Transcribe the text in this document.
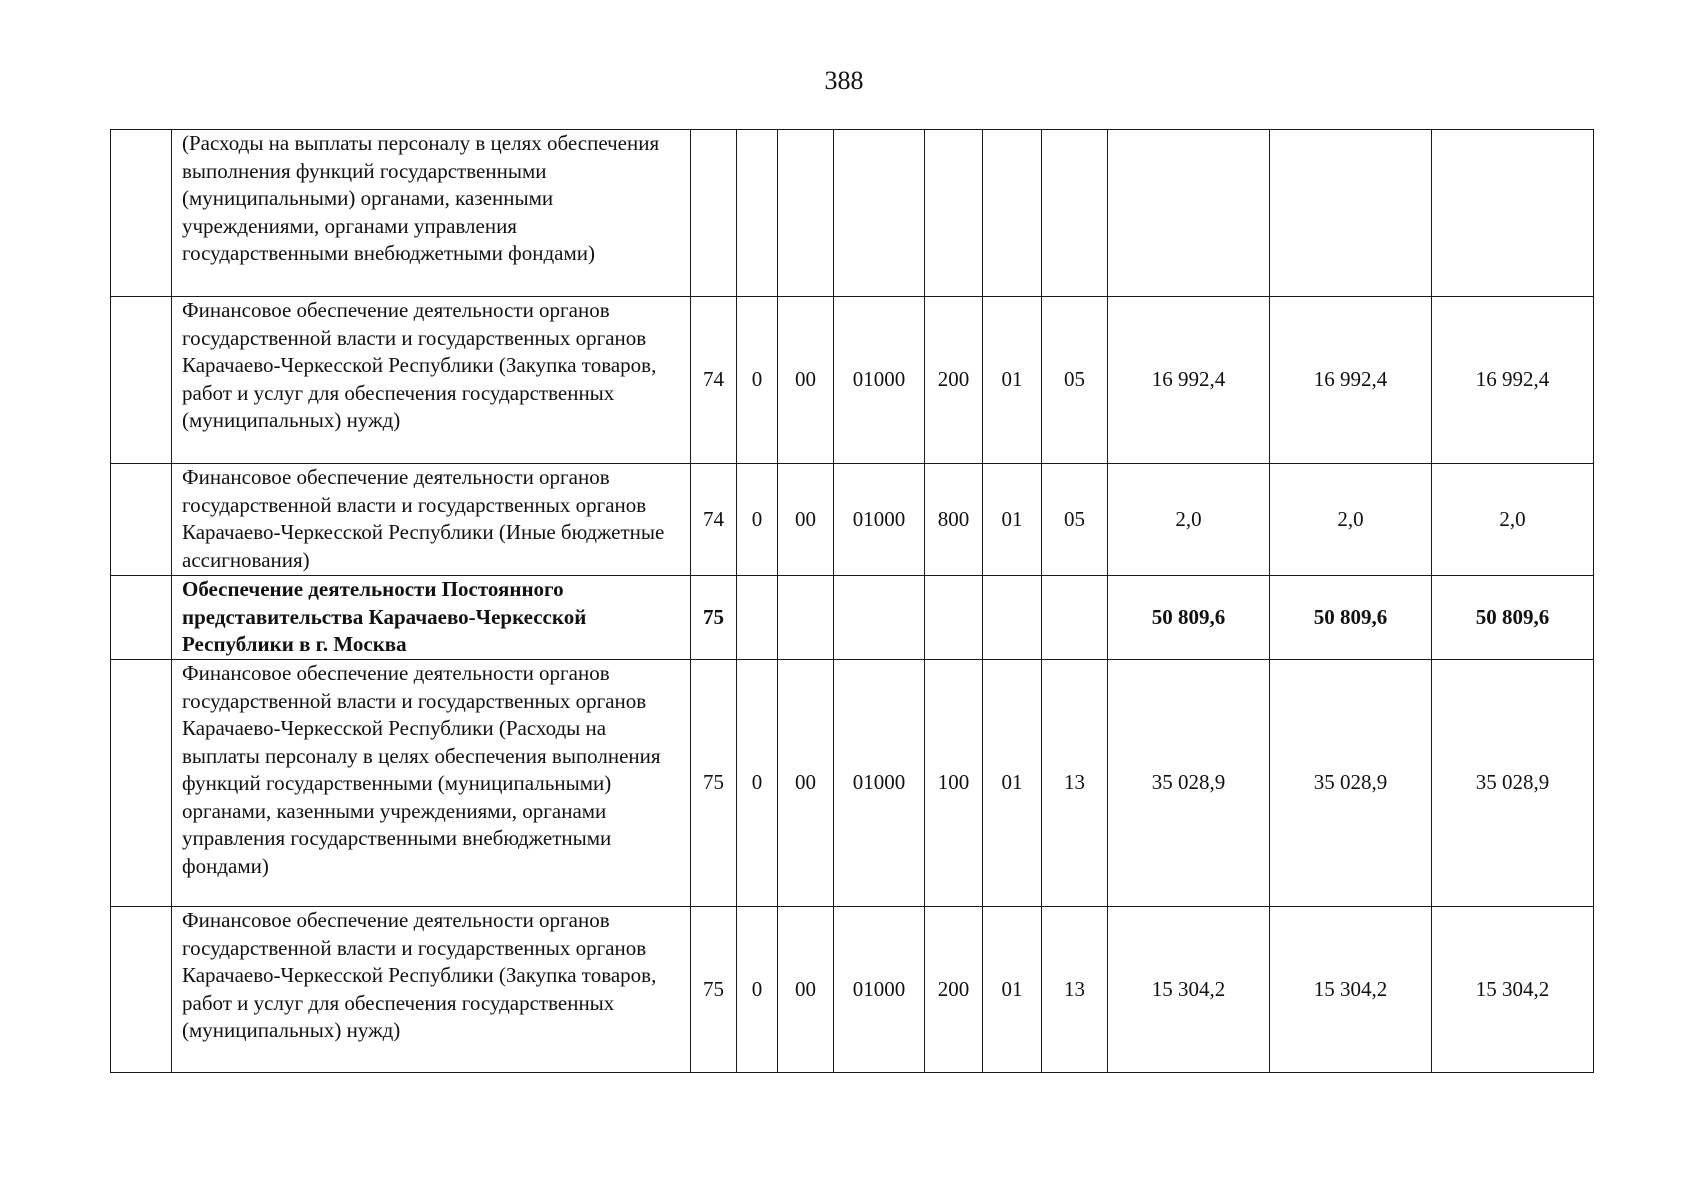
388
	(Расходы на выплаты персоналу в целях обеспечения выполнения функций государственными (муниципальными) органами, казенными учреждениями, органами управления государственными внебюджетными фондами)										
	Финансовое обеспечение деятельности органов государственной власти и государственных органов Карачаево-Черкесской Республики (Закупка товаров, работ и услуг для обеспечения государственных (муниципальных) нужд)	74	0	00	01000	200	01	05	16 992,4	16 992,4	16 992,4
	Финансовое обеспечение деятельности органов государственной власти и государственных органов Карачаево-Черкесской Республики (Иные бюджетные ассигнования)	74	0	00	01000	800	01	05	2,0	2,0	2,0
	Обеспечение деятельности Постоянного представительства Карачаево-Черкесской Республики в г. Москва	75							50 809,6	50 809,6	50 809,6
	Финансовое обеспечение деятельности органов государственной власти и государственных органов Карачаево-Черкесской Республики (Расходы на выплаты персоналу в целях обеспечения выполнения функций государственными (муниципальными) органами, казенными учреждениями, органами управления государственными внебюджетными фондами)	75	0	00	01000	100	01	13	35 028,9	35 028,9	35 028,9
	Финансовое обеспечение деятельности органов государственной власти и государственных органов Карачаево-Черкесской Республики (Закупка товаров, работ и услуг для обеспечения государственных (муниципальных) нужд)	75	0	00	01000	200	01	13	15 304,2	15 304,2	15 304,2
